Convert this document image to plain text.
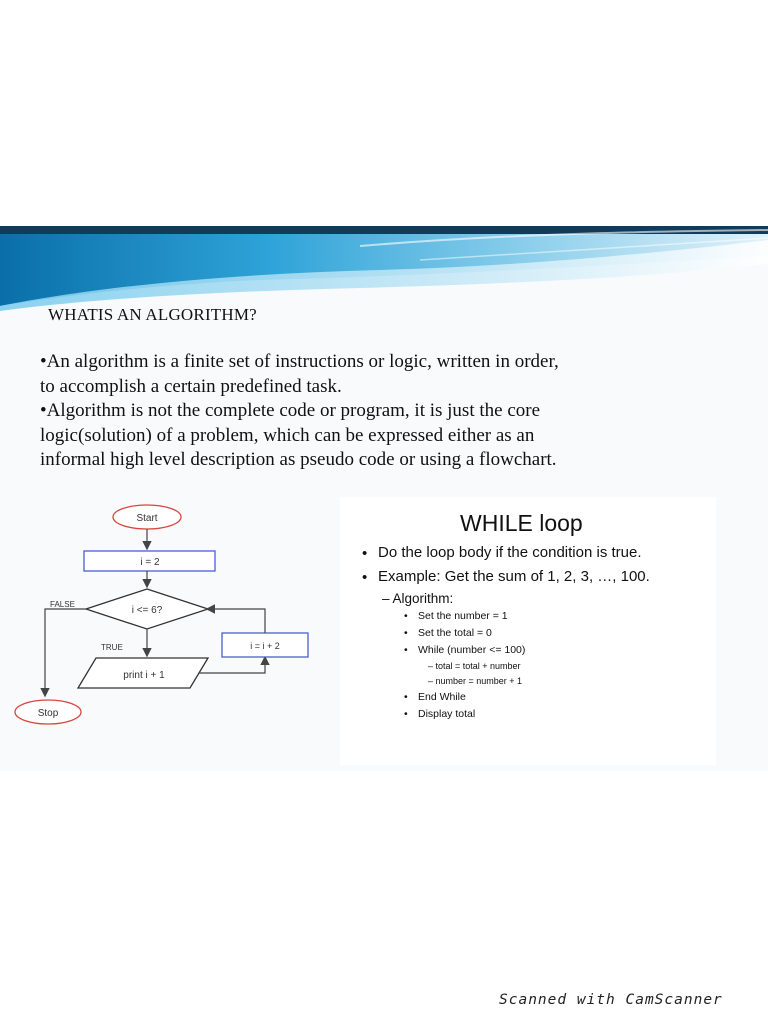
WHATIS AN ALGORITHM?

•An algorithm is a finite set of instructions or logic, written in order,

to accomplish a certain predefined task.

•Algorithm is not the complete code or program, it is just the core

logic(solution) of a problem, which can be expressed either as an

informal high level description as pseudo code or using a flowchart.

Start
i = 2
i <= 6?
FALSE
TRUE
print i + 1
i = i + 2
Stop
WHILE loop
• Do the loop body if the condition is true.
• Example: Get the sum of 1, 2, 3, …, 100.
– Algorithm:
• Set the number = 1
• Set the total = 0
• While (number <= 100)
– total = total + number
– number = number + 1
• End While
• Display total
Scanned with CamScanner
